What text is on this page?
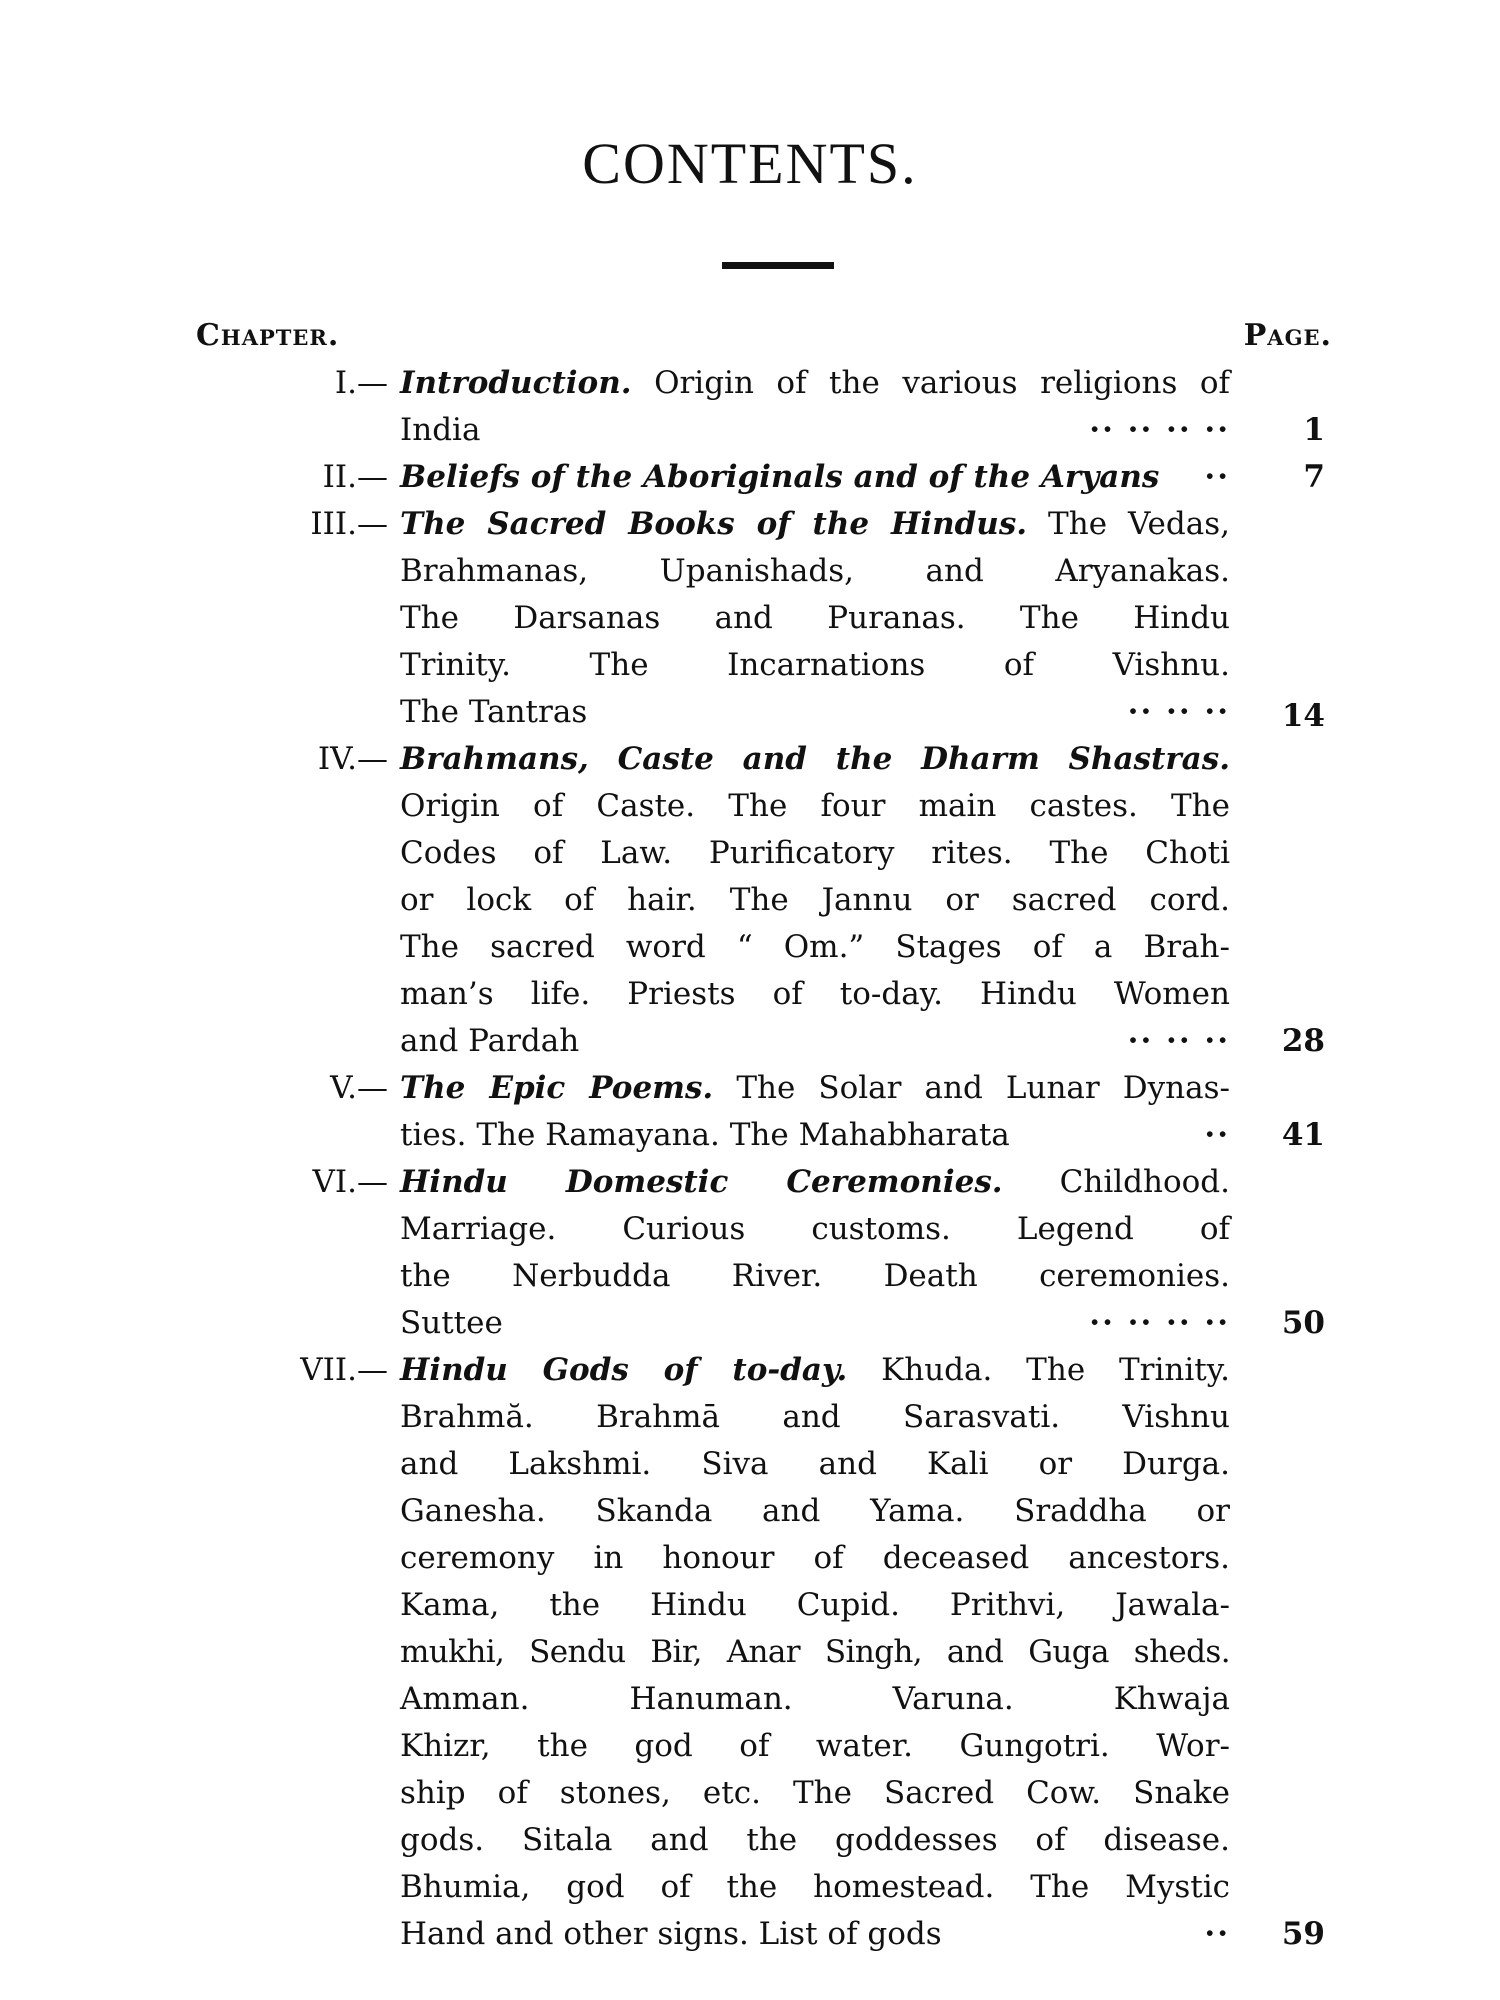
CONTENTS.
Chapter.	Page.
I.— Introduction. Origin of the various religions of
India	·· ·· ·· ··	1
II.— Beliefs of the Aboriginals and of the Aryans ··	7
III.— The Sacred Books of the Hindus. The Vedas,
Brahmanas, Upanishads, and Aryanakas.
The Darsanas and Puranas. The Hindu
Trinity. The Incarnations of Vishnu.
The Tantras	·· ·· ··	14
IV.— Brahmans, Caste and the Dharm Shastras.
Origin of Caste. The four main castes. The
Codes of Law. Purificatory rites. The Choti
or lock of hair. The Jannu or sacred cord.
The sacred word “ Om.” Stages of a Brah-
man’s life. Priests of to-day. Hindu Women
and Pardah	·· ·· ··	28
V.— The Epic Poems. The Solar and Lunar Dynas-
ties. The Ramayana. The Mahabharata	··	41
VI.— Hindu Domestic Ceremonies. Childhood.
Marriage. Curious customs. Legend of
the Nerbudda River. Death ceremonies.
Suttee	·· ·· ·· ··	50
VII.— Hindu Gods of to-day. Khuda. The Trinity.
Brahmă. Brahmā and Sarasvati. Vishnu
and Lakshmi. Siva and Kali or Durga.
Ganesha. Skanda and Yama. Sraddha or
ceremony in honour of deceased ancestors.
Kama, the Hindu Cupid. Prithvi, Jawala-
mukhi, Sendu Bir, Anar Singh, and Guga sheds.
Amman. Hanuman. Varuna. Khwaja
Khizr, the god of water. Gungotri. Wor-
ship of stones, etc. The Sacred Cow. Snake
gods. Sitala and the goddesses of disease.
Bhumia, god of the homestead. The Mystic
Hand and other signs. List of gods	··	59
